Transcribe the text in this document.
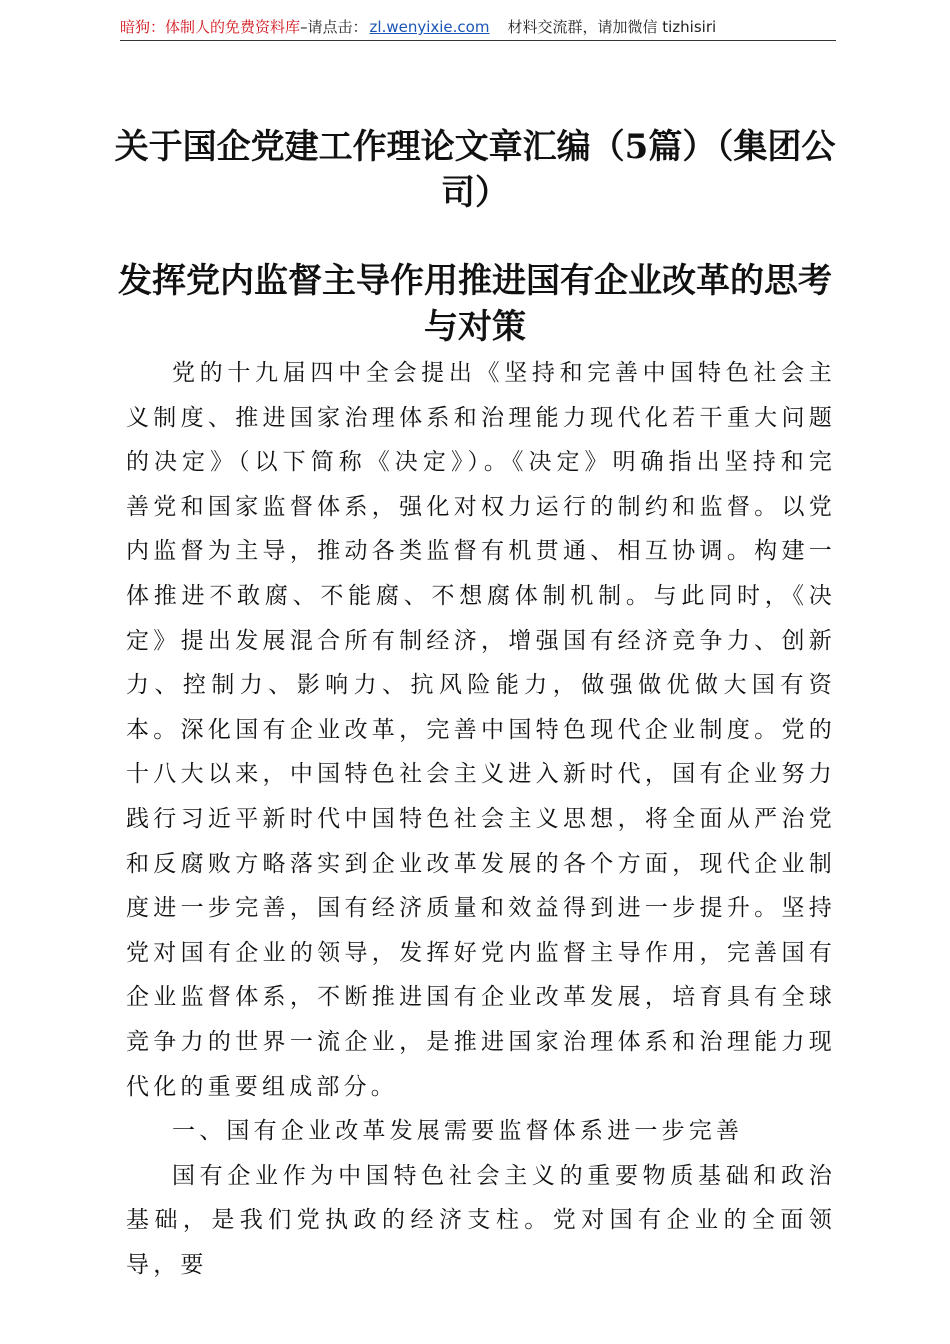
暗狗：体制人的免费资料库 –请点击： zl.wenyixie.com 材料交流群，请加微信 tizhisiri
关于国企党建工作理论文章汇编（5篇）（集团公司）
发挥党内监督主导作用推进国有企业改革的思考与对策

党的十九届四中全会提出《坚持和完善中国特色社会主义制度、推进国家治理体系和治理能力现代化若干重大问题的决定》（以下简称《决定》）。《决定》明确指出坚持和完善党和国家监督体系，强化对权力运行的制约和监督。以党内监督为主导，推动各类监督有机贯通、相互协调。构建一体推进不敢腐、不能腐、不想腐体制机制。与此同时，《决定》提出发展混合所有制经济，增强国有经济竞争力、创新力、控制力、影响力、抗风险能力，做强做优做大国有资本。深化国有企业改革，完善中国特色现代企业制度。党的十八大以来，中国特色社会主义进入新时代，国有企业努力践行习近平新时代中国特色社会主义思想，将全面从严治党和反腐败方略落实到企业改革发展的各个方面，现代企业制度进一步完善，国有经济质量和效益得到进一步提升。坚持党对国有企业的领导，发挥好党内监督主导作用，完善国有企业监督体系，不断推进国有企业改革发展，培育具有全球竞争力的世界一流企业，是推进国家治理体系和治理能力现代化的重要组成部分。

一、国有企业改革发展需要监督体系进一步完善

国有企业作为中国特色社会主义的重要物质基础和政治基础，是我们党执政的经济支柱。党对国有企业的全面领导，要
